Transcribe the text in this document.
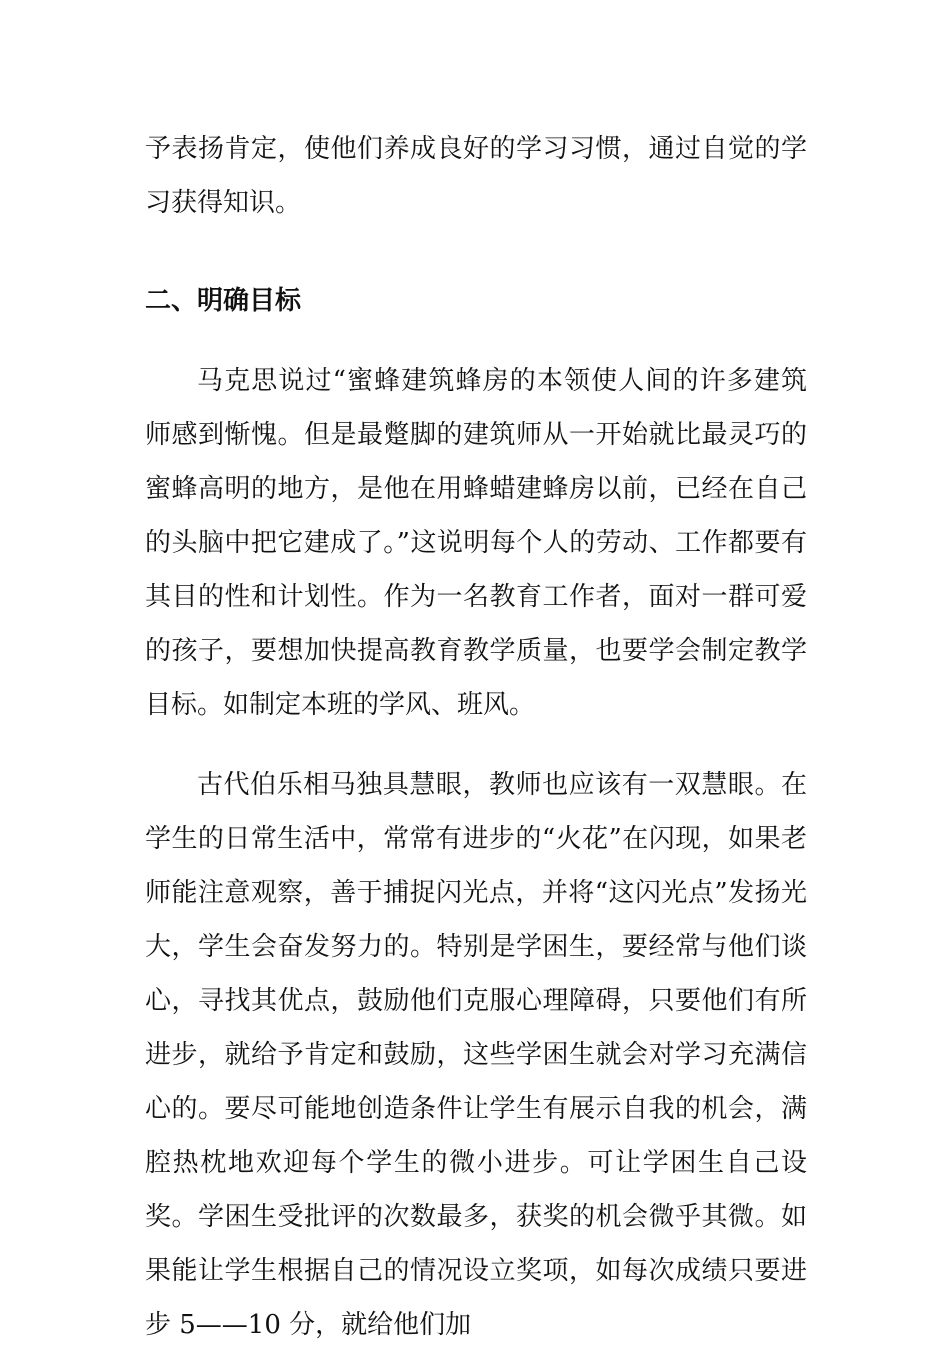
予表扬肯定，使他们养成良好的学习习惯，通过自觉的学习获得知识。

二、明确目标

马克思说过“蜜蜂建筑蜂房的本领使人间的许多建筑师感到惭愧。但是最蹩脚的建筑师从一开始就比最灵巧的蜜蜂高明的地方，是他在用蜂蜡建蜂房以前，已经在自己的头脑中把它建成了。”这说明每个人的劳动、工作都要有其目的性和计划性。作为一名教育工作者，面对一群可爱的孩子，要想加快提高教育教学质量，也要学会制定教学目标。如制定本班的学风、班风。

古代伯乐相马独具慧眼，教师也应该有一双慧眼。在学生的日常生活中，常常有进步的“火花”在闪现，如果老师能注意观察，善于捕捉闪光点，并将“这闪光点”发扬光大，学生会奋发努力的。特别是学困生，要经常与他们谈心，寻找其优点，鼓励他们克服心理障碍，只要他们有所进步，就给予肯定和鼓励，这些学困生就会对学习充满信心的。要尽可能地创造条件让学生有展示自我的机会，满腔热枕地欢迎每个学生的微小进步。可让学困生自己设奖。学困生受批评的次数最多，获奖的机会微乎其微。如果能让学生根据自己的情况设立奖项，如每次成绩只要进步 5——10 分，就给他们加
